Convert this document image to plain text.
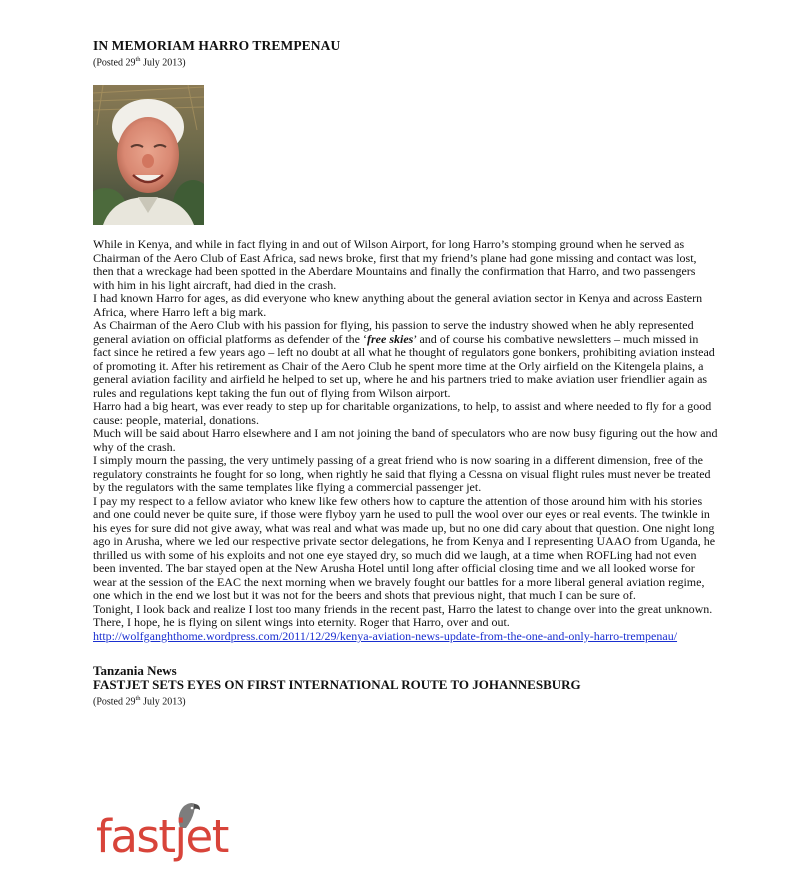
IN MEMORIAM HARRO TREMPENAU
(Posted 29th July 2013)

While in Kenya, and while in fact flying in and out of Wilson Airport, for long Harro’s stomping ground when he served as Chairman of the Aero Club of East Africa, sad news broke, first that my friend’s plane had gone missing and contact was lost, then that a wreckage had been spotted in the Aberdare Mountains and finally the confirmation that Harro, and two passengers with him in his light aircraft, had died in the crash.

I had known Harro for ages, as did everyone who knew anything about the general aviation sector in Kenya and across Eastern Africa, where Harro left a big mark.

As Chairman of the Aero Club with his passion for flying, his passion to serve the industry showed when he ably represented general aviation on official platforms as defender of the ‘free skies’ and of course his combative newsletters – much missed in fact since he retired a few years ago – left no doubt at all what he thought of regulators gone bonkers, prohibiting aviation instead of promoting it. After his retirement as Chair of the Aero Club he spent more time at the Orly airfield on the Kitengela plains, a general aviation facility and airfield he helped to set up, where he and his partners tried to make aviation user friendlier again as rules and regulations kept taking the fun out of flying from Wilson airport.

Harro had a big heart, was ever ready to step up for charitable organizations, to help, to assist and where needed to fly for a good cause: people, material, donations.

Much will be said about Harro elsewhere and I am not joining the band of speculators who are now busy figuring out the how and why of the crash.

I simply mourn the passing, the very untimely passing of a great friend who is now soaring in a different dimension, free of the regulatory constraints he fought for so long, when rightly he said that flying a Cessna on visual flight rules must never be treated by the regulators with the same templates like flying a commercial passenger jet.

I pay my respect to a fellow aviator who knew like few others how to capture the attention of those around him with his stories and one could never be quite sure, if those were flyboy yarn he used to pull the wool over our eyes or real events. The twinkle in his eyes for sure did not give away, what was real and what was made up, but no one did cary about that question. One night long ago in Arusha, where we led our respective private sector delegations, he from Kenya and I representing UAAO from Uganda, he thrilled us with some of his exploits and not one eye stayed dry, so much did we laugh, at a time when ROFLing had not even been invented. The bar stayed open at the New Arusha Hotel until long after official closing time and we all looked worse for wear at the session of the EAC the next morning when we bravely fought our battles for a more liberal general aviation regime, one which in the end we lost but it was not for the beers and shots that previous night, that much I can be sure of.

Tonight, I look back and realize I lost too many friends in the recent past, Harro the latest to change over into the great unknown. There, I hope, he is flying on silent wings into eternity. Roger that Harro, over and out.

http://wolfganghthome.wordpress.com/2011/12/29/kenya-aviation-news-update-from-the-one-and-only-harro-trempenau/
Tanzania News
FASTJET SETS EYES ON FIRST INTERNATIONAL ROUTE TO JOHANNESBURG
(Posted 29th July 2013)
fastjet
